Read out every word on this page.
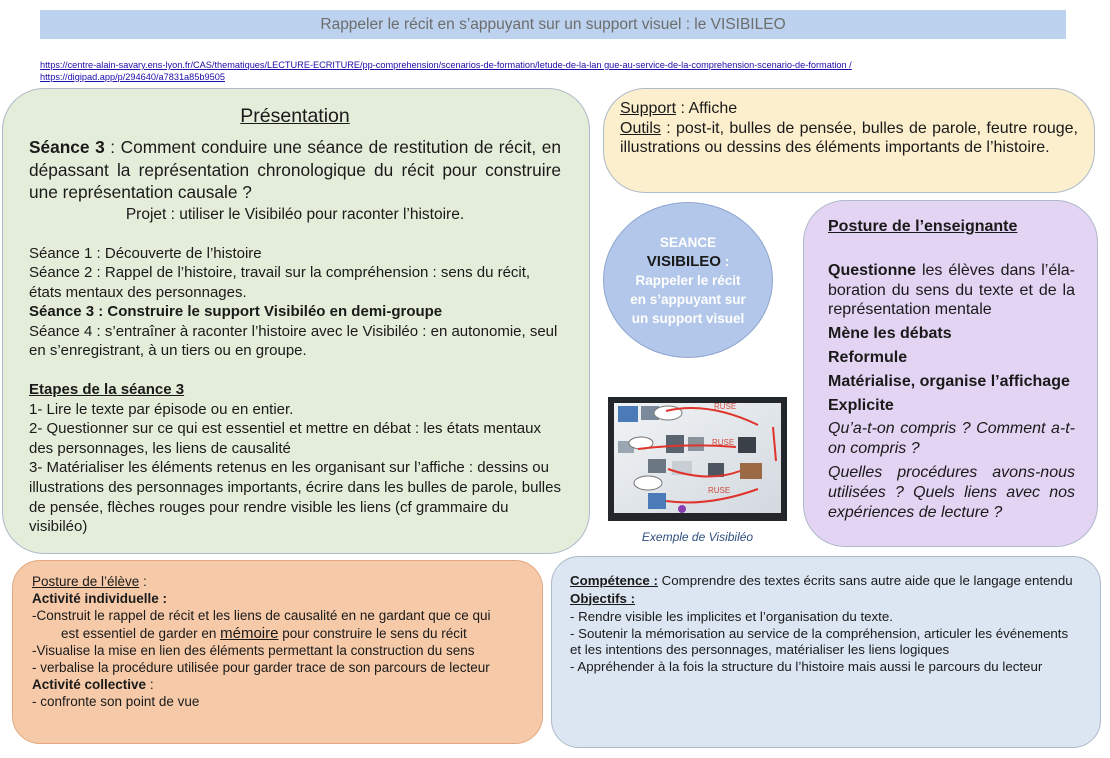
Rappeler le récit en s’appuyant sur un support visuel : le VISIBILEO
https://centre-alain-savary.ens-lyon.fr/CAS/thematiques/LECTURE-ECRITURE/pp-comprehension/scenarios-de-formation/letude-de-la-lan gue-au-service-de-la-comprehension-scenario-de-formation /
https://digipad.app/p/294640/a7831a85b9505
Présentation

Séance 3 : Comment conduire une séance de restitution de récit, en dépassant la représentation chronologique du récit pour construire une représentation causale ?

Projet : utiliser le Visibiléo pour raconter l’histoire.
Séance 1 : Découverte de l’histoire
Séance 2 : Rappel de l’histoire, travail sur la compréhension : sens du récit, états mentaux des personnages.
Séance 3 : Construire le support Visibiléo en demi-groupe
Séance 4 : s’entraîner à raconter l’histoire avec le Visibiléo : en autonomie, seul en s’enregistrant, à un tiers ou en groupe.
Etapes de la séance 3
1- Lire le texte par épisode ou en entier.
2- Questionner sur ce qui est essentiel et mettre en débat : les états mentaux des personnages, les liens de causalité
3- Matérialiser les éléments retenus en les organisant sur l’affiche : dessins ou illustrations des personnages importants, écrire dans les bulles de parole, bulles de pensée, flèches rouges pour rendre visible les liens (cf grammaire du visibiléo)
Support : Affiche
Outils : post-it, bulles de pensée, bulles de parole, feutre rouge, illustrations ou dessins des éléments importants de l’histoire.
SEANCE
VISIBILEO :
Rappeler le récit en s’appuyant sur un support visuel
RUSE
RUSE
RUSE
Exemple de Visibiléo
Posture de l’enseignante

Questionne les élèves dans l’élaboration du sens du texte et de la représentation mentale

Mène les débats

Reformule

Matérialise, organise l’affichage

Explicite

Qu’a-t-on compris ? Comment a-t-on compris ?

Quelles procédures avons-nous utilisées ? Quels liens avec nos expériences de lecture ?

Posture de l’élève :
Activité individuelle :
-Construit le rappel de récit et les liens de causalité en ne gardant que ce qui
est essentiel de garder en mémoire pour construire le sens du récit
-Visualise la mise en lien des éléments permettant la construction du sens
- verbalise la procédure utilisée pour garder trace de son parcours de lecteur
Activité collective :
- confronte son point de vue
Compétence : Comprendre des textes écrits sans autre aide que le langage entendu
Objectifs :
- Rendre visible les implicites et l’organisation du texte.
- Soutenir la mémorisation au service de la compréhension, articuler les événements et les intentions des personnages, matérialiser les liens logiques
- Appréhender à la fois la structure du l’histoire mais aussi le parcours du lecteur
